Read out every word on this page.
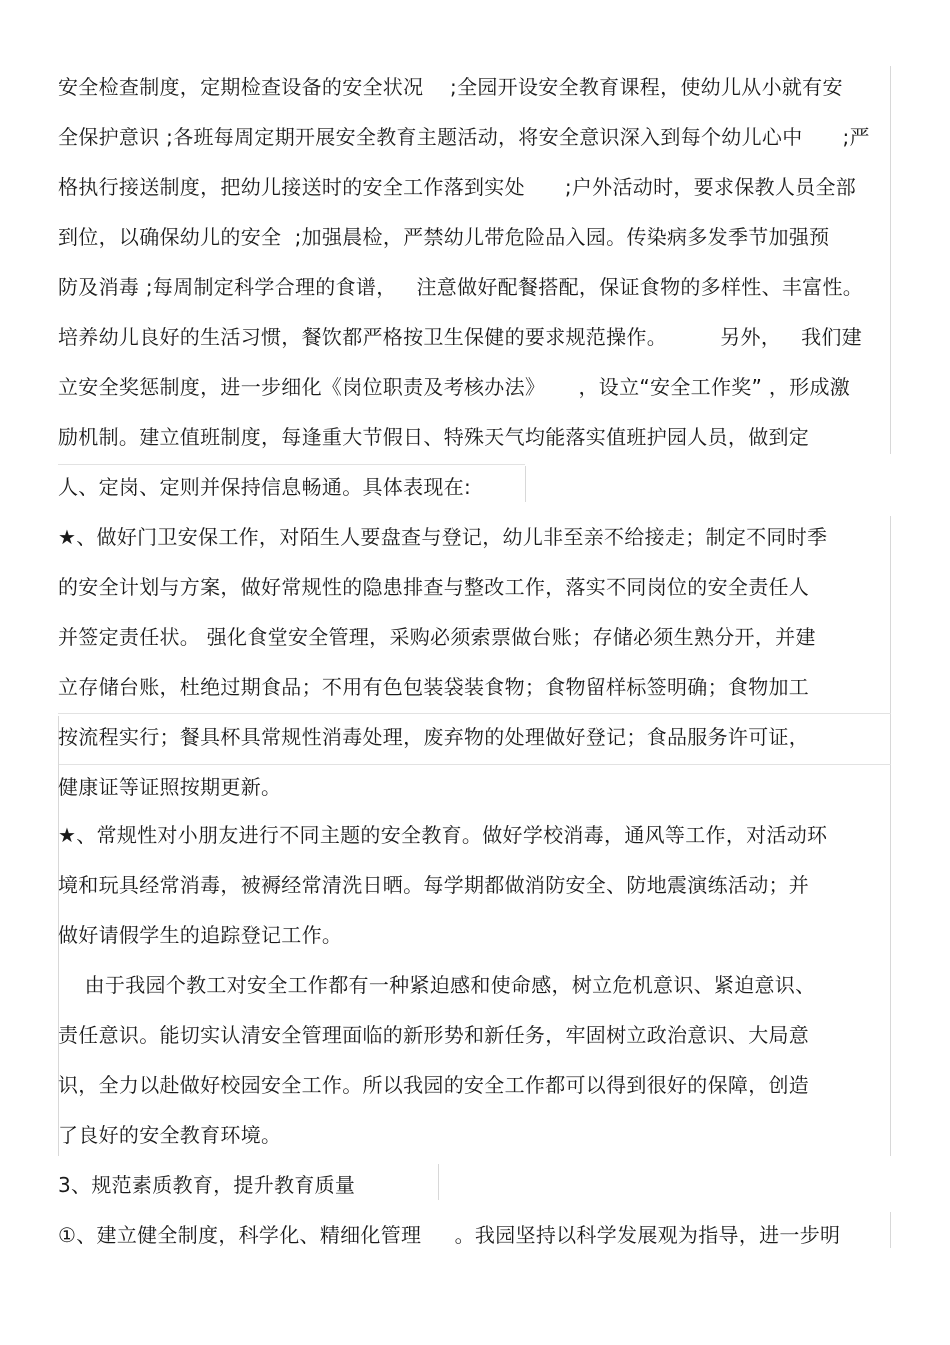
安全检查制度，定期检查设备的安全状况    ;全园开设安全教育课程，使幼儿从小就有安
全保护意识 ;各班每周定期开展安全教育主题活动，将安全意识深入到每个幼儿心中      ;严
格执行接送制度，把幼儿接送时的安全工作落到实处      ;户外活动时，要求保教人员全部
到位，以确保幼儿的安全  ;加强晨检，严禁幼儿带危险品入园。传染病多发季节加强预
防及消毒 ;每周制定科学合理的食谱，   注意做好配餐搭配，保证食物的多样性、丰富性。
培养幼儿良好的生活习惯，餐饮都严格按卫生保健的要求规范操作。        另外，   我们建
立安全奖惩制度，进一步细化《岗位职责及考核办法》     ，设立“安全工作奖” ，形成激
励机制。建立值班制度，每逢重大节假日、特殊天气均能落实值班护园人员，做到定
人、定岗、定则并保持信息畅通。具体表现在:
★、做好门卫安保工作，对陌生人要盘查与登记，幼儿非至亲不给接走；制定不同时季
的安全计划与方案，做好常规性的隐患排查与整改工作，落实不同岗位的安全责任人
并签定责任状。 强化食堂安全管理，采购必须索票做台账；存储必须生熟分开，并建
立存储台账，杜绝过期食品；不用有色包装袋装食物；食物留样标签明确；食物加工
按流程实行；餐具杯具常规性消毒处理，废弃物的处理做好登记；食品服务许可证，
健康证等证照按期更新。
★、常规性对小朋友进行不同主题的安全教育。做好学校消毒，通风等工作，对活动环
境和玩具经常消毒，被褥经常清洗日晒。每学期都做消防安全、防地震演练活动；并
做好请假学生的追踪登记工作。
由于我园个教工对安全工作都有一种紧迫感和使命感，树立危机意识、紧迫意识、
责任意识。能切实认清安全管理面临的新形势和新任务，牢固树立政治意识、大局意
识，全力以赴做好校园安全工作。所以我园的安全工作都可以得到很好的保障，创造
了良好的安全教育环境。
3、规范素质教育，提升教育质量
①、建立健全制度，科学化、精细化管理     。我园坚持以科学发展观为指导，进一步明
